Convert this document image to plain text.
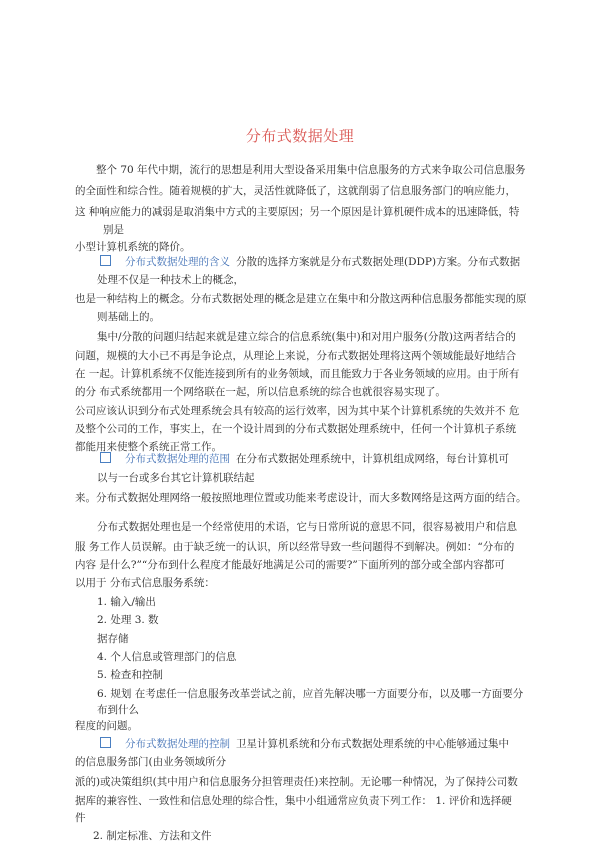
分布式数据处理
整个 70 年代中期，流行的思想是利用大型设备采用集中信息服务的方式来争取公司信息服务
的全面性和综合性。随着规模的扩大，灵活性就降低了，这就削弱了信息服务部门的响应能力，
这 种响应能力的减弱是取消集中方式的主要原因；另一个原因是计算机硬件成本的迅速降低，特
别是
小型计算机系统的降价。
分布式数据处理的含义 分散的选择方案就是分布式数据处理(DDP)方案。分布式数据
处理不仅是一种技术上的概念，
也是一种结构上的概念。分布式数据处理的概念是建立在集中和分散这两种信息服务都能实现的原
则基础上的。
集中/分散的问题归结起来就是建立综合的信息系统(集中)和对用户服务(分散)这两者结合的
问题，规模的大小已不再是争论点，从理论上来说，分布式数据处理将这两个领域能最好地结合
在 一起。计算机系统不仅能连接到所有的业务领域，而且能致力于各业务领域的应用。由于所有
的分 布式系统都用一个网络联在一起，所以信息系统的综合也就很容易实现了。
公司应该认识到分布式处理系统会具有较高的运行效率，因为其中某个计算机系统的失效并不 危
及整个公司的工作，事实上，在一个设计周到的分布式数据处理系统中，任何一个计算机子系统
都能用来使整个系统正常工作。
分布式数据处理的范围 在分布式数据处理系统中，计算机组成网络，每台计算机可
以与一台或多台其它计算机联结起
来。分布式数据处理网络一般按照地理位置或功能来考虑设计，而大多数网络是这两方面的结合。
分布式数据处理也是一个经常使用的术语，它与日常所说的意思不同，很容易被用户和信息
服 务工作人员误解。由于缺乏统一的认识，所以经常导致一些问题得不到解决。例如：“分布的
内容 是什么?”“分布到什么程度才能最好地满足公司的需要?”下面所列的部分或全部内容都可
以用于 分布式信息服务系统：
1. 输入/输出
2. 处理 3. 数
据存储
4. 个人信息或管理部门的信息
5. 检查和控制
6. 规划 在考虑任一信息服务改革尝试之前，应首先解决哪一方面要分布，以及哪一方面要分
布到什么
程度的问题。
分布式数据处理的控制 卫星计算机系统和分布式数据处理系统的中心能够通过集中
的信息服务部门(由业务领域所分
派的)或决策组织(其中用户和信息服务分担管理责任)来控制。无论哪一种情况，为了保持公司数
据库的兼容性、一致性和信息处理的综合性，集中小组通常应负责下列工作： 1. 评价和选择硬
件
2. 制定标准、方法和文件
